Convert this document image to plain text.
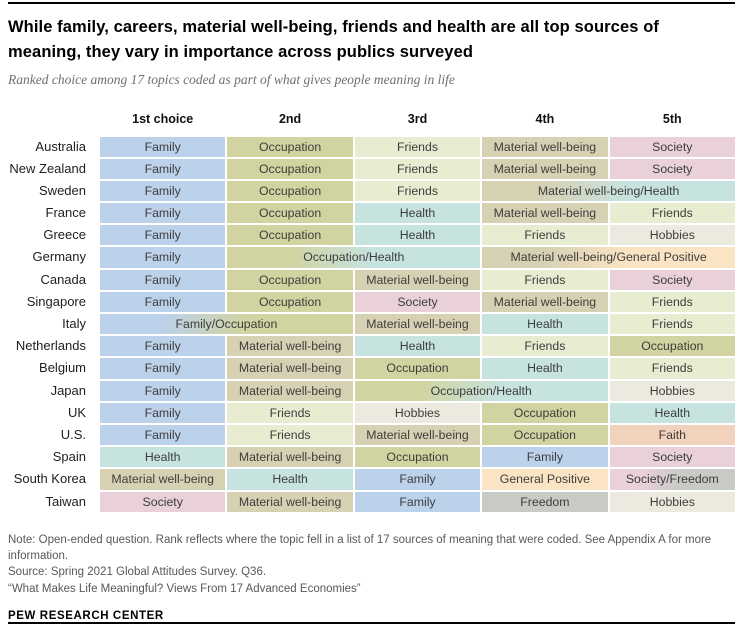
While family, careers, material well-being, friends and health are all top sources of meaning, they vary in importance across publics surveyed
Ranked choice among 17 topics coded as part of what gives people meaning in life
1st choice	2nd	3rd	4th	5th
Australia	Family	Occupation	Friends	Material well-being	Society
New Zealand	Family	Occupation	Friends	Material well-being	Society
Sweden	Family	Occupation	Friends	Material well-being/Health
France	Family	Occupation	Health	Material well-being	Friends
Greece	Family	Occupation	Health	Friends	Hobbies
Germany	Family	Occupation/Health	Material well-being/General Positive
Canada	Family	Occupation	Material well-being	Friends	Society
Singapore	Family	Occupation	Society	Material well-being	Friends
Italy	Family/Occupation	Material well-being	Health	Friends
Netherlands	Family	Material well-being	Health	Friends	Occupation
Belgium	Family	Material well-being	Occupation	Health	Friends
Japan	Family	Material well-being	Occupation/Health	Hobbies
UK	Family	Friends	Hobbies	Occupation	Health
U.S.	Family	Friends	Material well-being	Occupation	Faith
Spain	Health	Material well-being	Occupation	Family	Society
South Korea	Material well-being	Health	Family	General Positive	Society/Freedom
Taiwan	Society	Material well-being	Family	Freedom	Hobbies
Note: Open-ended question. Rank reflects where the topic fell in a list of 17 sources of meaning that were coded. See Appendix A for more information.
Source: Spring 2021 Global Attitudes Survey. Q36.
“What Makes Life Meaningful? Views From 17 Advanced Economies”
PEW RESEARCH CENTER
